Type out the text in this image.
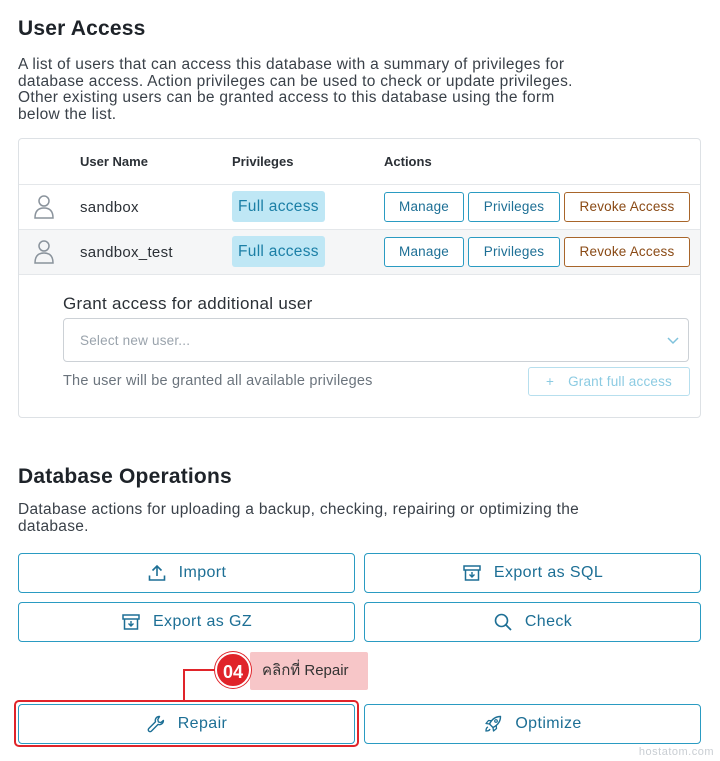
User Access
A list of users that can access this database with a summary of privileges for
database access. Action privileges can be used to check or update privileges.
Other existing users can be granted access to this database using the form
below the list.
User Name	Privileges	Actions
sandbox	Full access	Manage	Privileges	Revoke Access
sandbox_test	Full access	Manage	Privileges	Revoke Access
Grant access for additional user
Select new user...
The user will be granted all available privileges	+ Grant full access
Database Operations
Database actions for uploading a backup, checking, repairing or optimizing the
database.
Import	Export as SQL
Export as GZ	Check
คลิกที่ Repair
04
Repair	Optimize
hostatom.com
